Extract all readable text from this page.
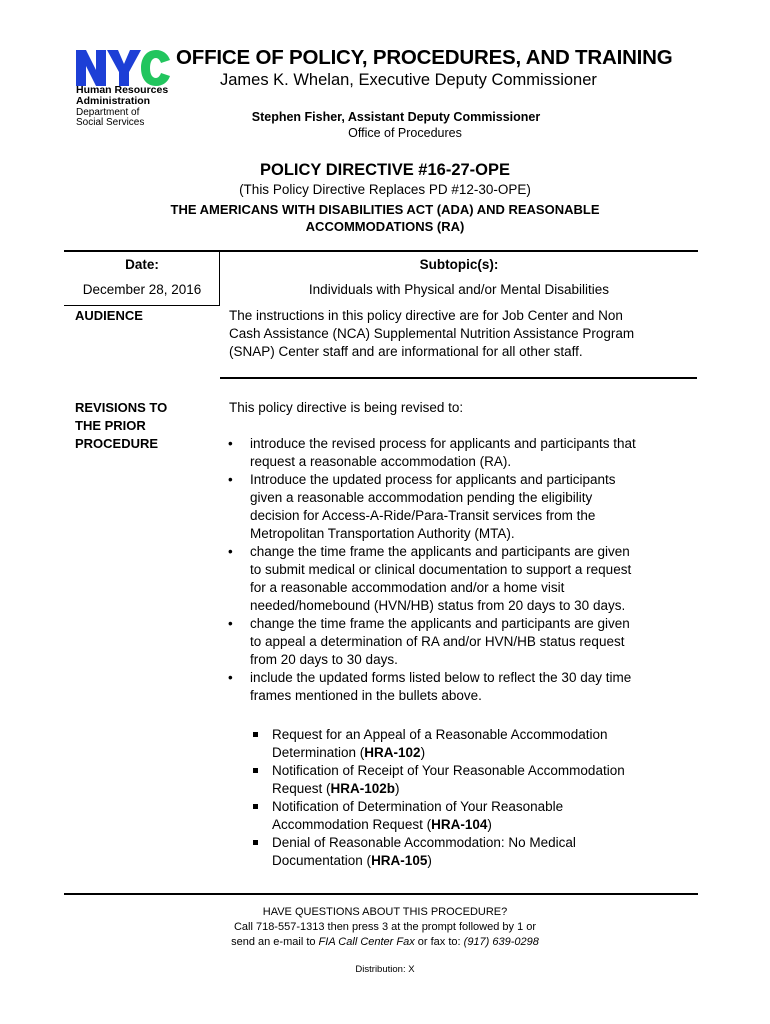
Human Resources
Administration
Department of
Social Services
OFFICE OF POLICY, PROCEDURES, AND TRAINING
James K. Whelan, Executive Deputy Commissioner
Stephen Fisher, Assistant Deputy Commissioner
Office of Procedures
POLICY DIRECTIVE #16-27-OPE
(This Policy Directive Replaces PD #12-30-OPE)
THE AMERICANS WITH DISABILITIES ACT (ADA) AND REASONABLE
ACCOMMODATIONS (RA)
Date:	Subtopic(s):
December 28, 2016	Individuals with Physical and/or Mental Disabilities
AUDIENCE	The instructions in this policy directive are for Job Center and Non
Cash Assistance (NCA) Supplemental Nutrition Assistance Program
(SNAP) Center staff and are informational for all other staff.
REVISIONS TO
THE PRIOR
PROCEDURE
This policy directive is being revised to:
•	introduce the revised process for applicants and participants that
request a reasonable accommodation (RA).
•	Introduce the updated process for applicants and participants
given a reasonable accommodation pending the eligibility
decision for Access-A-Ride/Para-Transit services from the
Metropolitan Transportation Authority (MTA).
•	change the time frame the applicants and participants are given
to submit medical or clinical documentation to support a request
for a reasonable accommodation and/or a home visit
needed/homebound (HVN/HB) status from 20 days to 30 days.
•	change the time frame the applicants and participants are given
to appeal a determination of RA and/or HVN/HB status request
from 20 days to 30 days.
•	include the updated forms listed below to reflect the 30 day time
frames mentioned in the bullets above.
Request for an Appeal of a Reasonable Accommodation
Determination (HRA-102)
Notification of Receipt of Your Reasonable Accommodation
Request (HRA-102b)
Notification of Determination of Your Reasonable
Accommodation Request (HRA-104)
Denial of Reasonable Accommodation: No Medical
Documentation (HRA-105)
HAVE QUESTIONS ABOUT THIS PROCEDURE?
Call 718-557-1313 then press 3 at the prompt followed by 1 or
send an e-mail to FIA Call Center Fax or fax to: (917) 639-0298
Distribution: X
